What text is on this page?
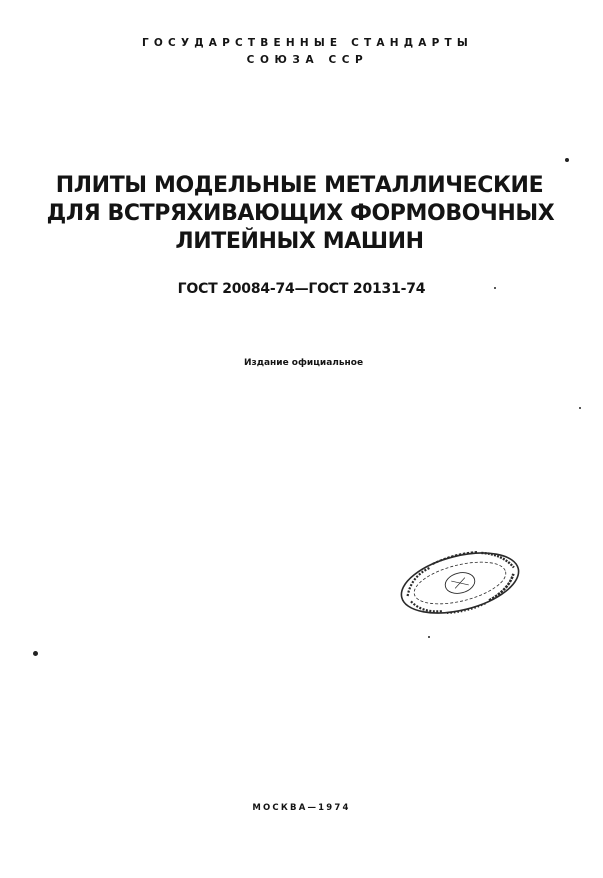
ГОСУДАРСТВЕННЫЕ СТАНДАРТЫ
СОЮЗА ССР
ПЛИТЫ МОДЕЛЬНЫЕ МЕТАЛЛИЧЕСКИЕ
ДЛЯ ВСТРЯХИВАЮЩИХ ФОРМОВОЧНЫХ
ЛИТЕЙНЫХ МАШИН
ГОСТ 20084-74—ГОСТ 20131-74
Издание официальное
МОСКВА—1974
